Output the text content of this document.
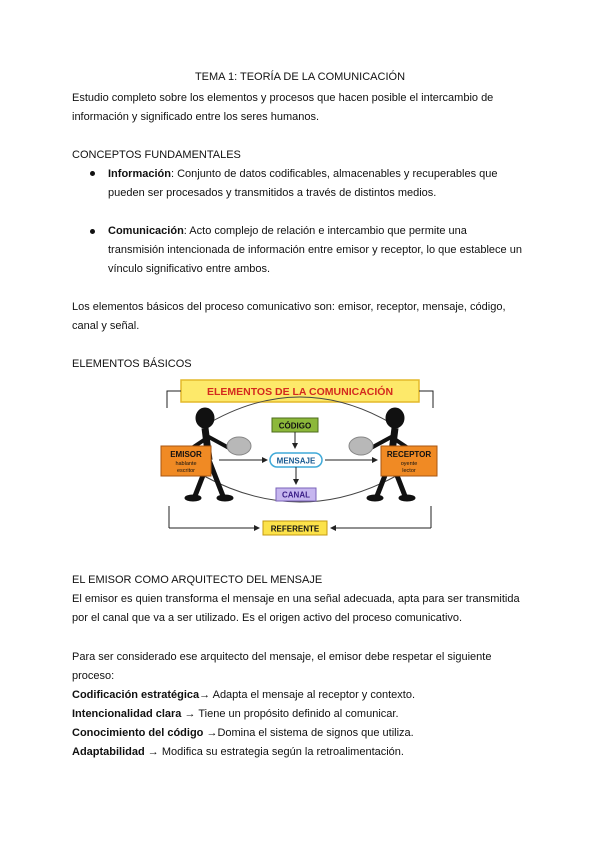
TEMA 1: TEORÍA DE LA COMUNICACIÓN
Estudio completo sobre los elementos y procesos que hacen posible el intercambio de
información y significado entre los seres humanos.
CONCEPTOS FUNDAMENTALES
Información: Conjunto de datos codificables, almacenables y recuperables que
pueden ser procesados y transmitidos a través de distintos medios.
Comunicación: Acto complejo de relación e intercambio que permite una
transmisión intencionada de información entre emisor y receptor, lo que establece un
vínculo significativo entre ambos.
Los elementos básicos del proceso comunicativo son: emisor, receptor, mensaje, código,
canal y señal.
ELEMENTOS BÁSICOS
ELEMENTOS DE LA COMUNICACIÓN
CÓDIGO
MENSAJE
CANAL
EMISOR
hablante
escritor
RECEPTOR
oyente
lector
REFERENTE
EL EMISOR COMO ARQUITECTO DEL MENSAJE
El emisor es quien transforma el mensaje en una señal adecuada, apta para ser transmitida
por el canal que va a ser utilizado. Es el origen activo del proceso comunicativo.
Para ser considerado ese arquitecto del mensaje, el emisor debe respetar el siguiente
proceso:
Codificación estratégica→ Adapta el mensaje al receptor y contexto.
Intencionalidad clara → Tiene un propósito definido al comunicar.
Conocimiento del código →Domina el sistema de signos que utiliza.
Adaptabilidad → Modifica su estrategia según la retroalimentación.
